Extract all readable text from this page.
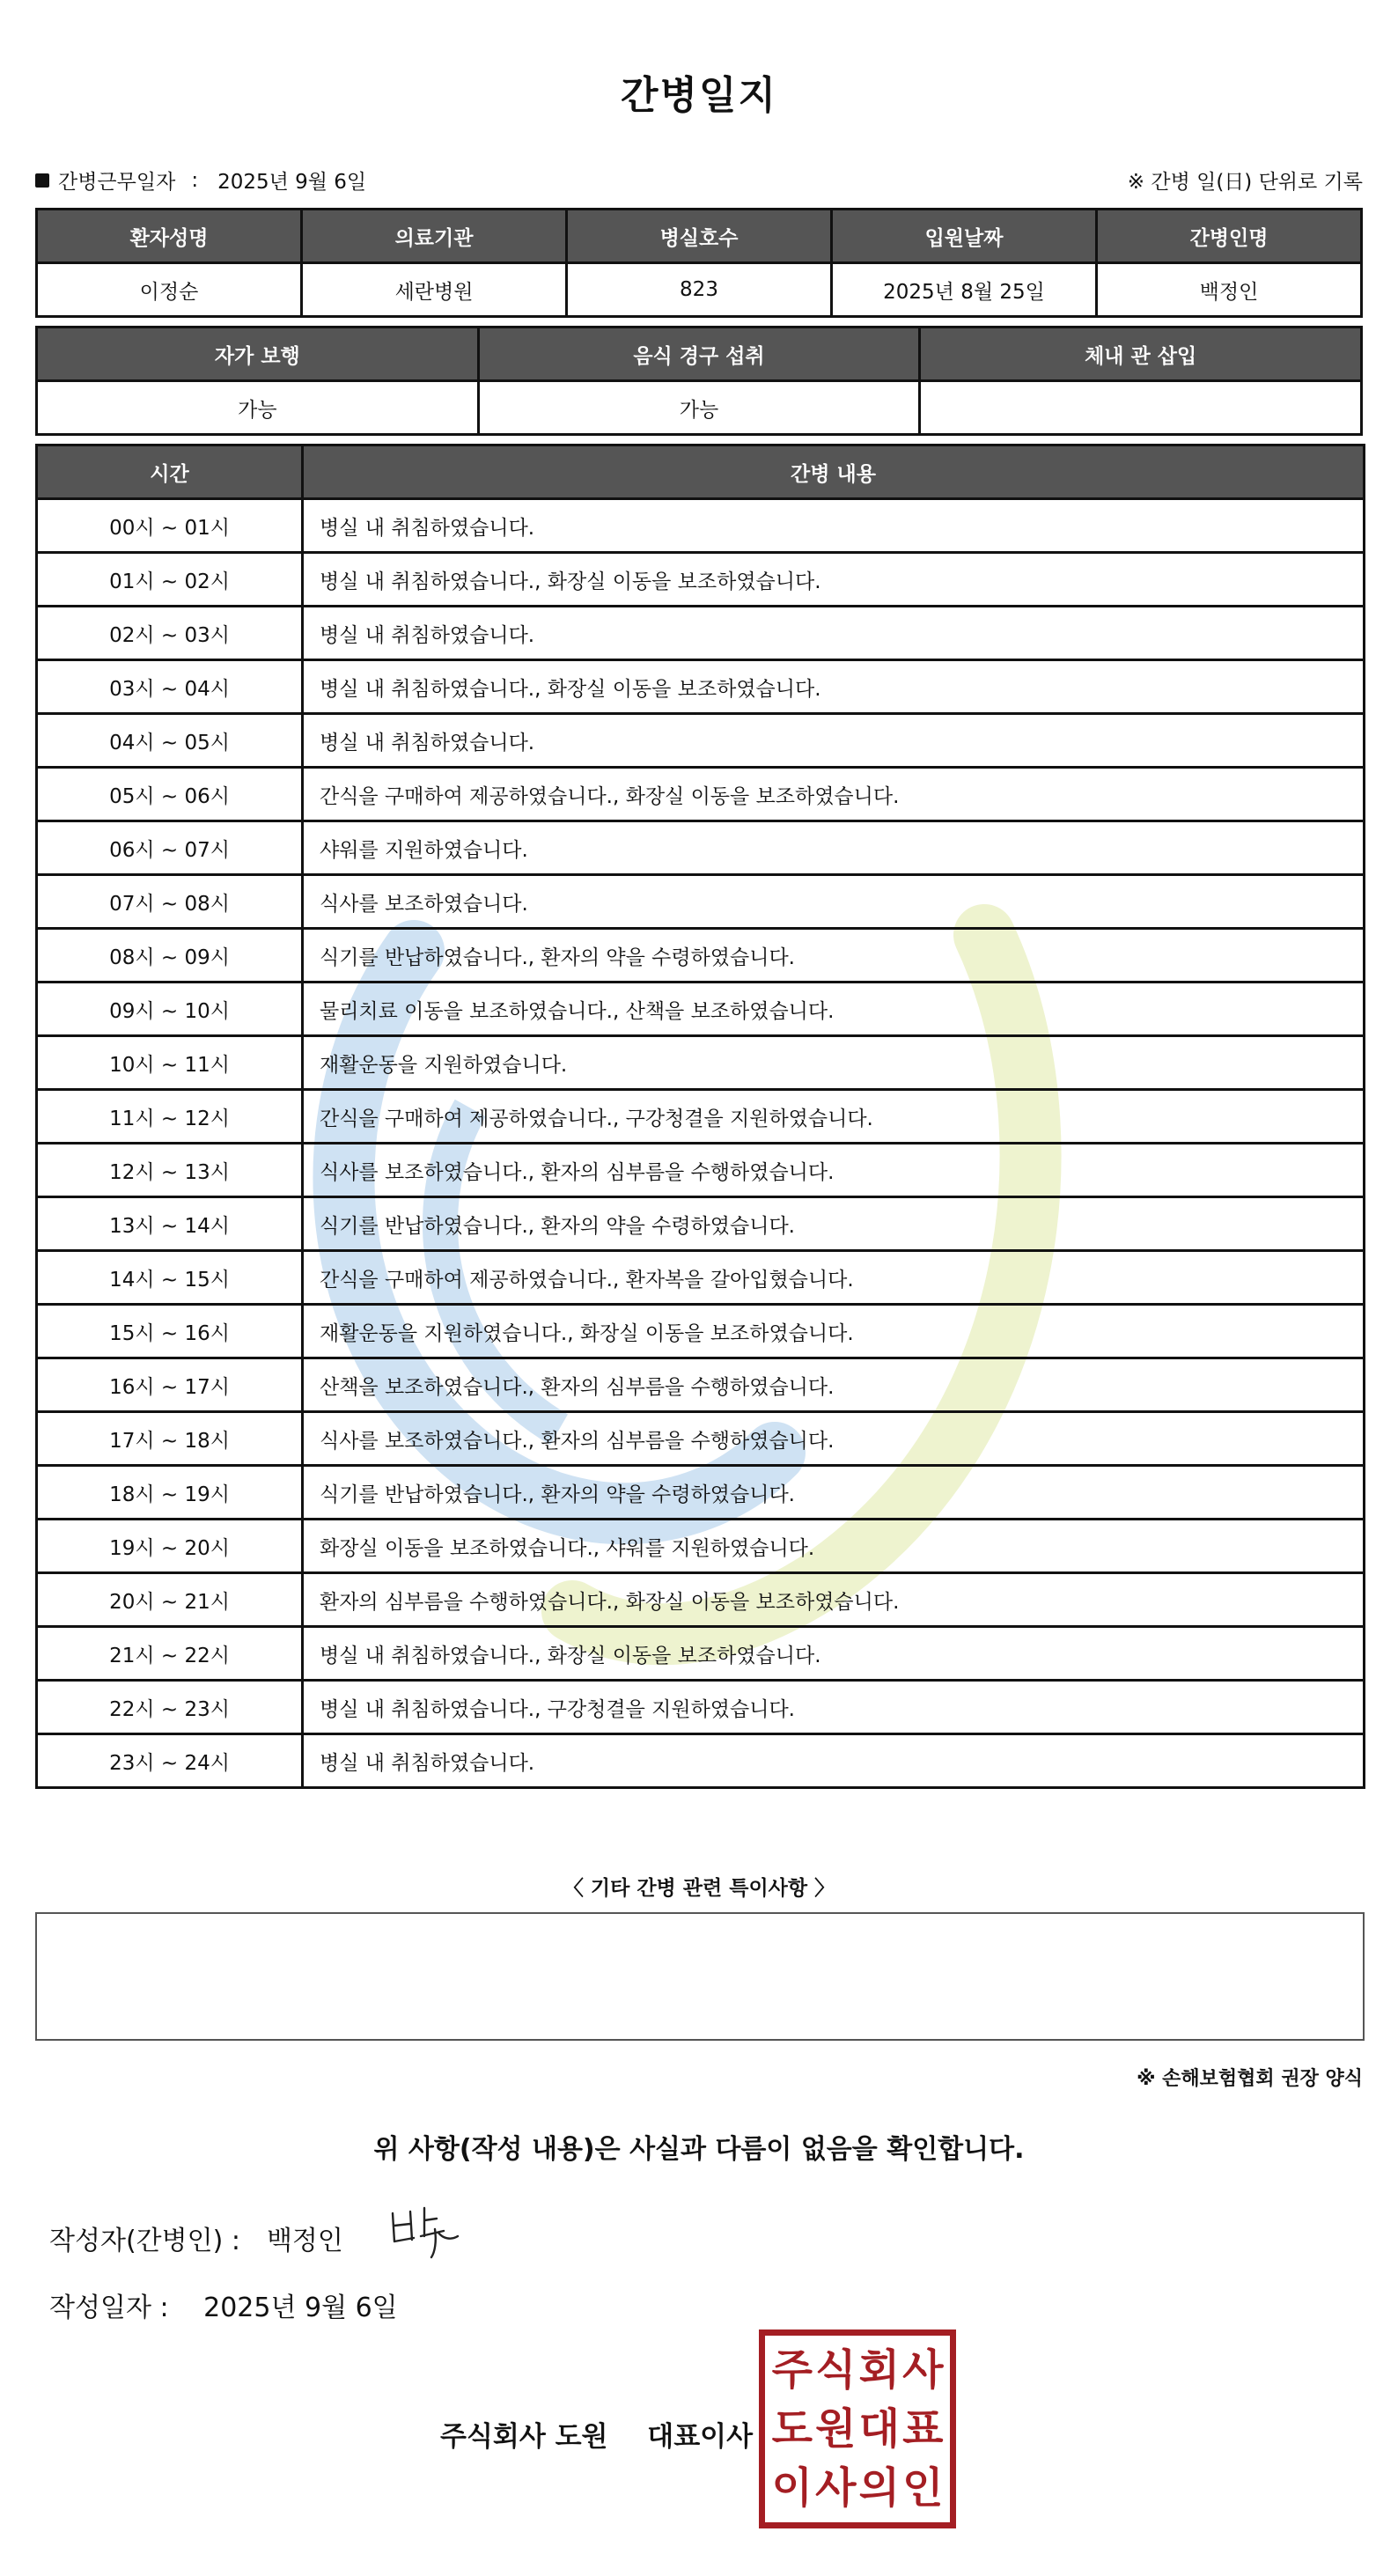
간병일지
간병근무일자 : 2025년 9월 6일	※ 간병 일(日) 단위로 기록
환자성명	의료기관	병실호수	입원날짜	간병인명
이정순	세란병원	823	2025년 8월 25일	백정인
자가 보행	음식 경구 섭취	체내 관 삽입
가능	가능	
시간	간병 내용
00시 ~ 01시	병실 내 취침하였습니다.
01시 ~ 02시	병실 내 취침하였습니다., 화장실 이동을 보조하였습니다.
02시 ~ 03시	병실 내 취침하였습니다.
03시 ~ 04시	병실 내 취침하였습니다., 화장실 이동을 보조하였습니다.
04시 ~ 05시	병실 내 취침하였습니다.
05시 ~ 06시	간식을 구매하여 제공하였습니다., 화장실 이동을 보조하였습니다.
06시 ~ 07시	샤워를 지원하였습니다.
07시 ~ 08시	식사를 보조하였습니다.
08시 ~ 09시	식기를 반납하였습니다., 환자의 약을 수령하였습니다.
09시 ~ 10시	물리치료 이동을 보조하였습니다., 산책을 보조하였습니다.
10시 ~ 11시	재활운동을 지원하였습니다.
11시 ~ 12시	간식을 구매하여 제공하였습니다., 구강청결을 지원하였습니다.
12시 ~ 13시	식사를 보조하였습니다., 환자의 심부름을 수행하였습니다.
13시 ~ 14시	식기를 반납하였습니다., 환자의 약을 수령하였습니다.
14시 ~ 15시	간식을 구매하여 제공하였습니다., 환자복을 갈아입혔습니다.
15시 ~ 16시	재활운동을 지원하였습니다., 화장실 이동을 보조하였습니다.
16시 ~ 17시	산책을 보조하였습니다., 환자의 심부름을 수행하였습니다.
17시 ~ 18시	식사를 보조하였습니다., 환자의 심부름을 수행하였습니다.
18시 ~ 19시	식기를 반납하였습니다., 환자의 약을 수령하였습니다.
19시 ~ 20시	화장실 이동을 보조하였습니다., 샤워를 지원하였습니다.
20시 ~ 21시	환자의 심부름을 수행하였습니다., 화장실 이동을 보조하였습니다.
21시 ~ 22시	병실 내 취침하였습니다., 화장실 이동을 보조하였습니다.
22시 ~ 23시	병실 내 취침하였습니다., 구강청결을 지원하였습니다.
23시 ~ 24시	병실 내 취침하였습니다.
〈 기타 간병 관련 특이사항 〉
※ 손해보험협회 권장 양식
위 사항(작성 내용)은 사실과 다름이 없음을 확인합니다.
작성자(간병인) : 백정인
작성일자 : 2025년 9월 6일
주식회사 도원 대표이사
주 식 회 사
도 원 대 표
이 사 의 인
